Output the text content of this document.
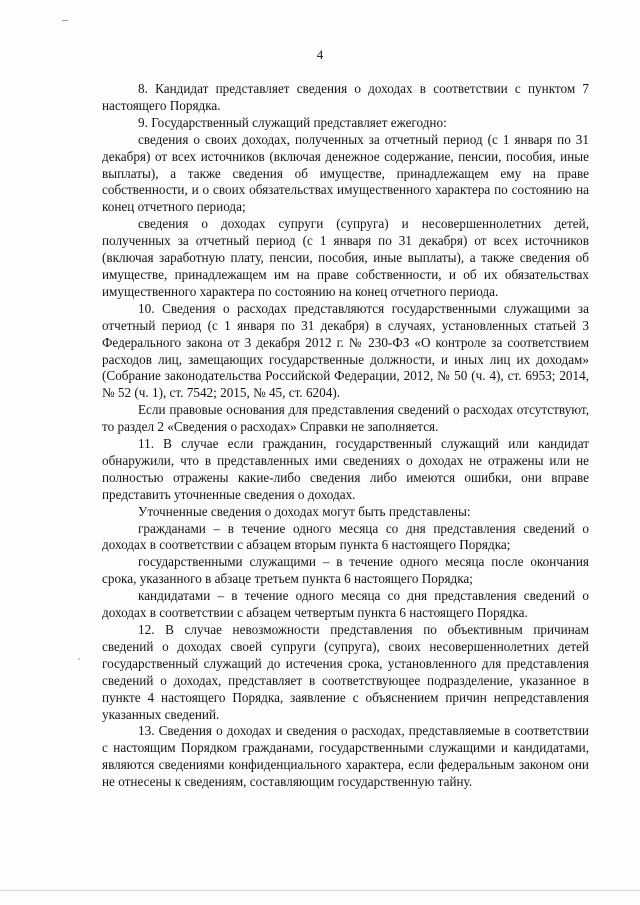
4

8. Кандидат представляет сведения о доходах в соответствии с пунктом 7 настоящего Порядка.

9. Государственный служащий представляет ежегодно:

сведения о своих доходах, полученных за отчетный период (с 1 января по 31 декабря) от всех источников (включая денежное содержание, пенсии, пособия, иные выплаты), а также сведения об имуществе, принадлежащем ему на праве собственности, и о своих обязательствах имущественного характера по состоянию на конец отчетного периода;

сведения о доходах супруги (супруга) и несовершеннолетних детей, полученных за отчетный период (с 1 января по 31 декабря) от всех источников (включая заработную плату, пенсии, пособия, иные выплаты), а также сведения об имуществе, принадлежащем им на праве собственности, и об их обязательствах имущественного характера по состоянию на конец отчетного периода.

10. Сведения о расходах представляются государственными служащими за отчетный период (с 1 января по 31 декабря) в случаях, установленных статьей 3 Федерального закона от 3 декабря 2012 г. № 230-ФЗ «О контроле за соответствием расходов лиц, замещающих государственные должности, и иных лиц их доходам» (Собрание законодательства Российской Федерации, 2012, № 50 (ч. 4), ст. 6953; 2014, № 52 (ч. 1), ст. 7542; 2015, № 45, ст. 6204).

Если правовые основания для представления сведений о расходах отсутствуют, то раздел 2 «Сведения о расходах» Справки не заполняется.

11. В случае если гражданин, государственный служащий или кандидат обнаружили, что в представленных ими сведениях о доходах не отражены или не полностью отражены какие-либо сведения либо имеются ошибки, они вправе представить уточненные сведения о доходах.

Уточненные сведения о доходах могут быть представлены:

гражданами – в течение одного месяца со дня представления сведений о доходах в соответствии с абзацем вторым пункта 6 настоящего Порядка;

государственными служащими – в течение одного месяца после окончания срока, указанного в абзаце третьем пункта 6 настоящего Порядка;

кандидатами – в течение одного месяца со дня представления сведений о доходах в соответствии с абзацем четвертым пункта 6 настоящего Порядка.

12. В случае невозможности представления по объективным причинам сведений о доходах своей супруги (супруга), своих несовершеннолетних детей государственный служащий до истечения срока, установленного для представления сведений о доходах, представляет в соответствующее подразделение, указанное в пункте 4 настоящего Порядка, заявление с объяснением причин непредставления указанных сведений.

13. Сведения о доходах и сведения о расходах, представляемые в соответствии с настоящим Порядком гражданами, государственными служащими и кандидатами, являются сведениями конфиденциального характера, если федеральным законом они не отнесены к сведениям, составляющим государственную тайну.
